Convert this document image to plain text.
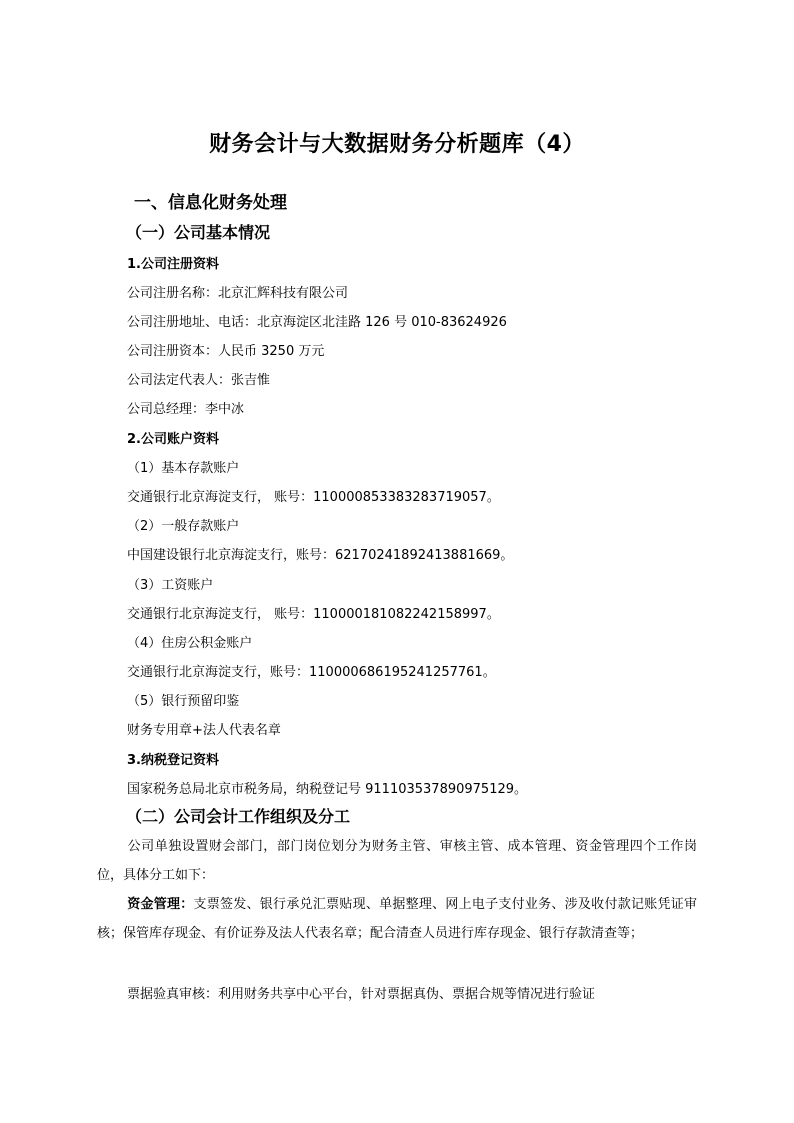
财务会计与大数据财务分析题库（4）
一、信息化财务处理
（一）公司基本情况
1.公司注册资料
公司注册名称：北京汇辉科技有限公司
公司注册地址、电话：北京海淀区北洼路 126 号 010-83624926
公司注册资本：人民币 3250 万元
公司法定代表人：张吉惟
公司总经理：李中冰
2.公司账户资料
（1）基本存款账户
交通银行北京海淀支行， 账号：110000853383283719057。
（2）一般存款账户
中国建设银行北京海淀支行，账号：62170241892413881669。
（3）工资账户
交通银行北京海淀支行， 账号：110000181082242158997。
（4）住房公积金账户
交通银行北京海淀支行，账号：110000686195241257761。
（5）银行预留印鉴
财务专用章+法人代表名章
3.纳税登记资料
国家税务总局北京市税务局，纳税登记号 911103537890975129。
（二）公司会计工作组织及分工
公司单独设置财会部门，部门岗位划分为财务主管、审核主管、成本管理、资金管理四个工作岗位，具体分工如下：
资金管理：支票签发、银行承兑汇票贴现、单据整理、网上电子支付业务、涉及收付款记账凭证审核；保管库存现金、有价证券及法人代表名章；配合清查人员进行库存现金、银行存款清查等；
票据验真审核：利用财务共享中心平台，针对票据真伪、票据合规等情况进行验证
